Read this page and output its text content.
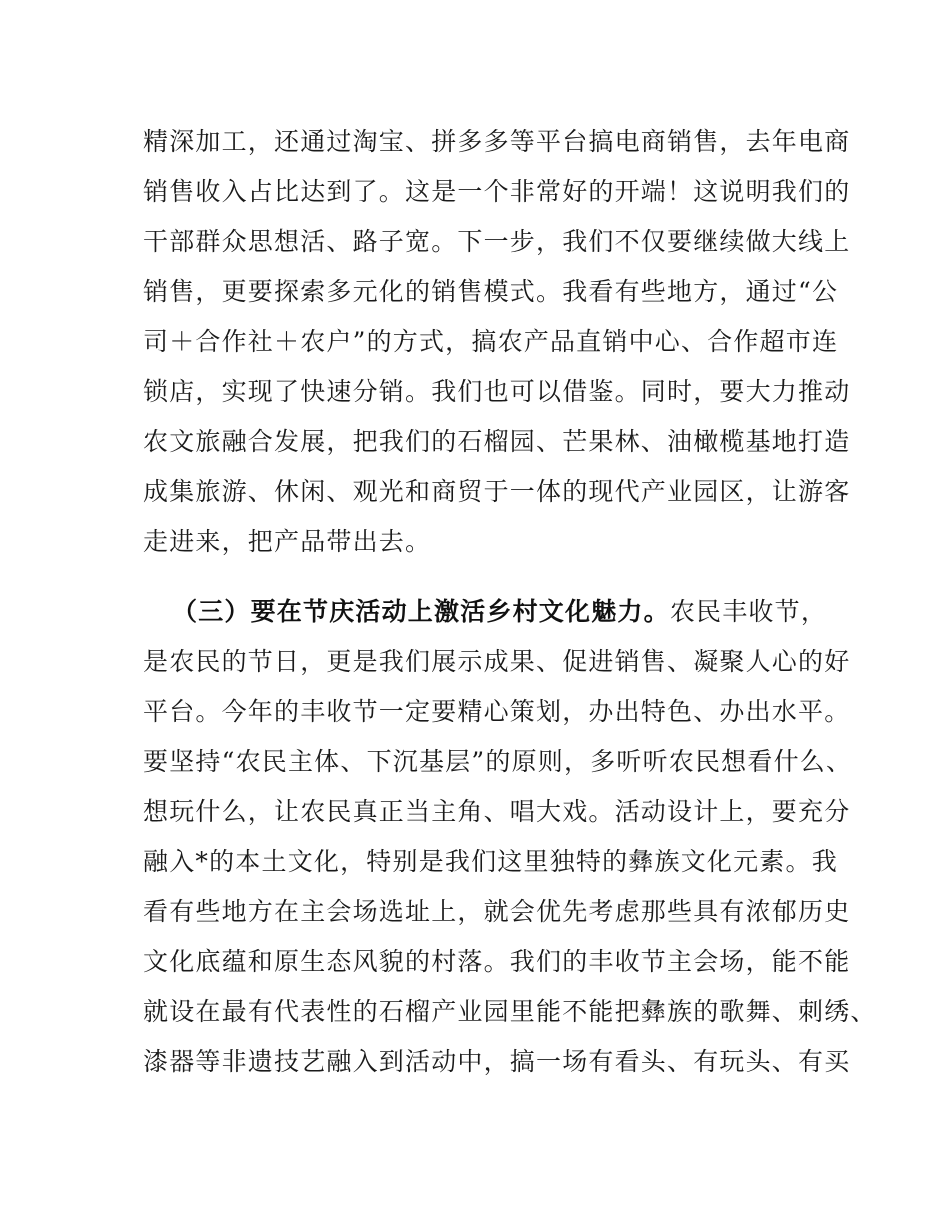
精深加工，还通过淘宝、拼多多等平台搞电商销售，去年电商
销售收入占比达到了。这是一个非常好的开端！这说明我们的
干部群众思想活、路子宽。下一步，我们不仅要继续做大线上
销售，更要探索多元化的销售模式。我看有些地方，通过“公
司＋合作社＋农户”的方式，搞农产品直销中心、合作超市连
锁店，实现了快速分销。我们也可以借鉴。同时，要大力推动
农文旅融合发展，把我们的石榴园、芒果林、油橄榄基地打造
成集旅游、休闲、观光和商贸于一体的现代产业园区，让游客
走进来，把产品带出去。
（三）要在节庆活动上激活乡村文化魅力。农民丰收节，
是农民的节日，更是我们展示成果、促进销售、凝聚人心的好
平台。今年的丰收节一定要精心策划，办出特色、办出水平。
要坚持“农民主体、下沉基层”的原则，多听听农民想看什么、
想玩什么，让农民真正当主角、唱大戏。活动设计上，要充分
融入*的本土文化，特别是我们这里独特的彝族文化元素。我
看有些地方在主会场选址上，就会优先考虑那些具有浓郁历史
文化底蕴和原生态风貌的村落。我们的丰收节主会场，能不能
就设在最有代表性的石榴产业园里能不能把彝族的歌舞、刺绣、
漆器等非遗技艺融入到活动中，搞一场有看头、有玩头、有买
